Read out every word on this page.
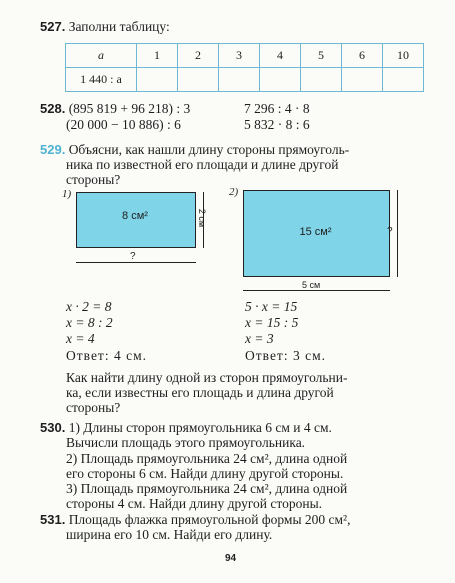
527. Заполни таблицу:
a	1	2	3	4	5	6	10
1 440 : a							
528. (895 819 + 96 218) : 3
(20 000 − 10 886) : 6
7 296 : 4 · 8
5 832 · 8 : 6
529. Объясни, как нашли длину стороны прямоуголь-
ника по известной его площади и длине другой
стороны?
1)
8 см²	2 см
?
2)
15 см²	?
5 см
x · 2 = 8
x = 8 : 2
x = 4
Ответ: 4 см.
5 · x = 15
x = 15 : 5
x = 3
Ответ: 3 см.
Как найти длину одной из сторон прямоугольни-
ка, если известны его площадь и длина другой
стороны?
530. 1) Длины сторон прямоугольника 6 см и 4 см.
Вычисли площадь этого прямоугольника.
2) Площадь прямоугольника 24 см², длина одной
его стороны 6 см. Найди длину другой стороны.
3) Площадь прямоугольника 24 см², длина одной
стороны 4 см. Найди длину другой стороны.
531. Площадь флажка прямоугольной формы 200 см²,
ширина его 10 см. Найди его длину.
94
